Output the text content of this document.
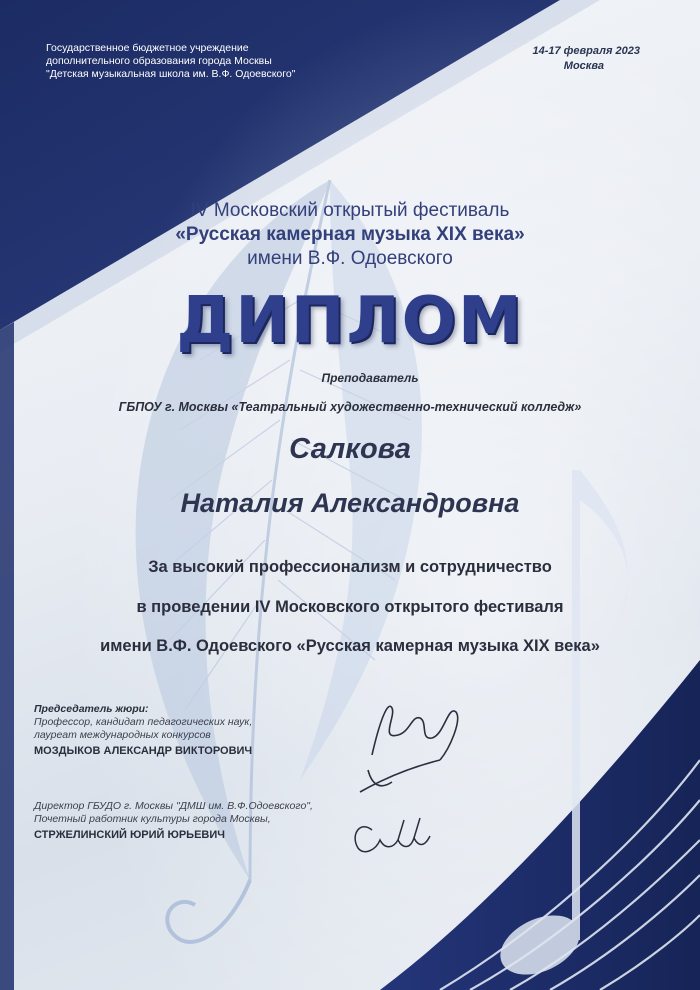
Государственное бюджетное учреждение
дополнительного образования города Москвы
"Детская музыкальная школа им. В.Ф. Одоевского"
14-17 февраля 2023
Москва
IV Московский открытый фестиваль
«Русская камерная музыка XIX века»
имени В.Ф. Одоевского
ДИПЛОМ
Преподаватель
ГБПОУ г. Москвы «Театральный художественно-технический колледж»
Салкова
Наталия Александровна
За высокий профессионализм и сотрудничество
в проведении IV Московского открытого фестиваля
имени В.Ф. Одоевского «Русская камерная музыка XIX века»
Председатель жюри:
Профессор, кандидат педагогических наук,
лауреат международных конкурсов
МОЗДЫКОВ АЛЕКСАНДР ВИКТОРОВИЧ
Директор ГБУДО г. Москвы "ДМШ им. В.Ф.Одоевского",
Почетный работник культуры города Москвы,
СТРЖЕЛИНСКИЙ ЮРИЙ ЮРЬЕВИЧ
